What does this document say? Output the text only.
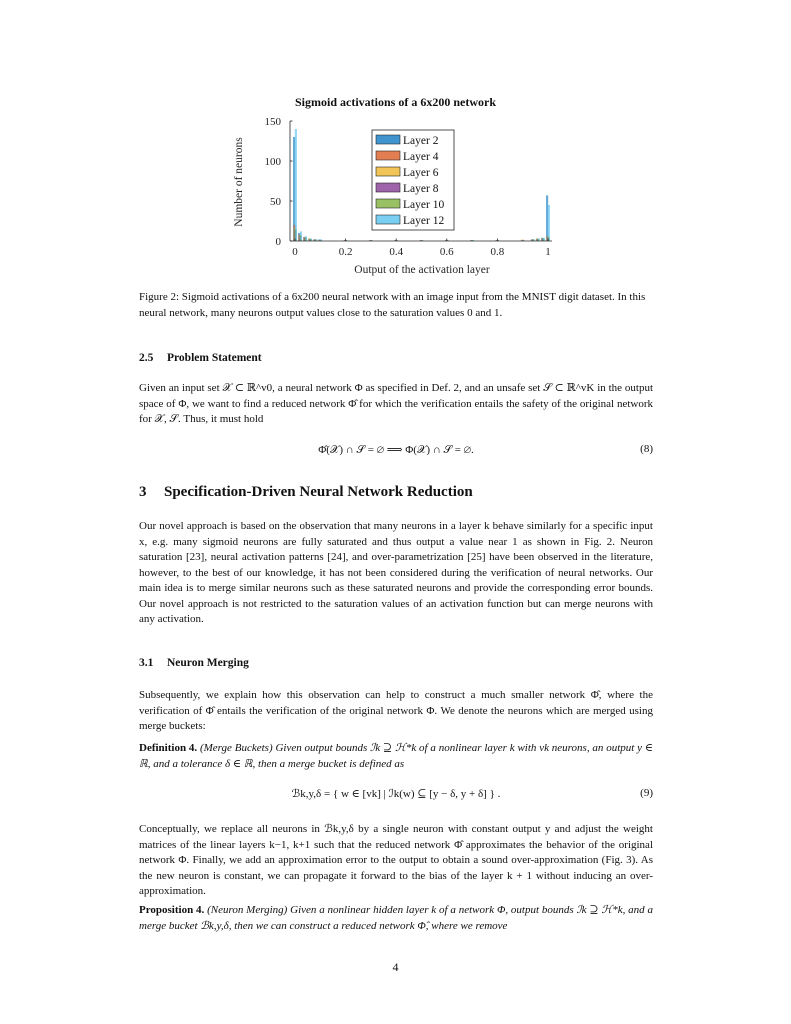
Sigmoid activations of a 6x200 network
0	0.2	0.4	0.6	0.8	1
0
50
100
150
Layer 2
Layer 4
Layer 6
Layer 8
Layer 10
Layer 12
Output of the activation layer
Number of neurons
Figure 2: Sigmoid activations of a 6x200 neural network with an image input from the MNIST digit dataset. In this neural network, many neurons output values close to the saturation values 0 and 1.
2.5 Problem Statement
Given an input set 𝒳 ⊂ ℝ^v0, a neural network Φ as specified in Def. 2, and an unsafe set 𝒮 ⊂ ℝ^vK in the output space of Φ, we want to find a reduced network Φ̂ for which the verification entails the safety of the original network for 𝒳, 𝒮. Thus, it must hold
Φ̂(𝒳) ∩ 𝒮 = ∅ ⟹ Φ(𝒳) ∩ 𝒮 = ∅.	(8)
3 Specification-Driven Neural Network Reduction
Our novel approach is based on the observation that many neurons in a layer k behave similarly for a specific input x, e.g. many sigmoid neurons are fully saturated and thus output a value near 1 as shown in Fig. 2. Neuron saturation [23], neural activation patterns [24], and over-parametrization [25] have been observed in the literature, however, to the best of our knowledge, it has not been considered during the verification of neural networks. Our main idea is to merge similar neurons such as these saturated neurons and provide the corresponding error bounds. Our novel approach is not restricted to the saturation values of an activation function but can merge neurons with any activation.
3.1 Neuron Merging
Subsequently, we explain how this observation can help to construct a much smaller network Φ̂, where the verification of Φ̂ entails the verification of the original network Φ. We denote the neurons which are merged using merge buckets:
Definition 4. (Merge Buckets) Given output bounds ℐk ⊇ ℋ*k of a nonlinear layer k with vk neurons, an output y ∈ ℝ, and a tolerance δ ∈ ℝ, then a merge bucket is defined as
ℬk,y,δ = { w ∈ [vk] | ℐk(w) ⊆ [y − δ, y + δ] } .	(9)
Conceptually, we replace all neurons in ℬk,y,δ by a single neuron with constant output y and adjust the weight matrices of the linear layers k−1, k+1 such that the reduced network Φ̂ approximates the behavior of the original network Φ. Finally, we add an approximation error to the output to obtain a sound over-approximation (Fig. 3). As the new neuron is constant, we can propagate it forward to the bias of the layer k + 1 without inducing an over-approximation.
Proposition 4. (Neuron Merging) Given a nonlinear hidden layer k of a network Φ, output bounds ℐk ⊇ ℋ*k, and a merge bucket ℬk,y,δ, then we can construct a reduced network Φ̂, where we remove
4
